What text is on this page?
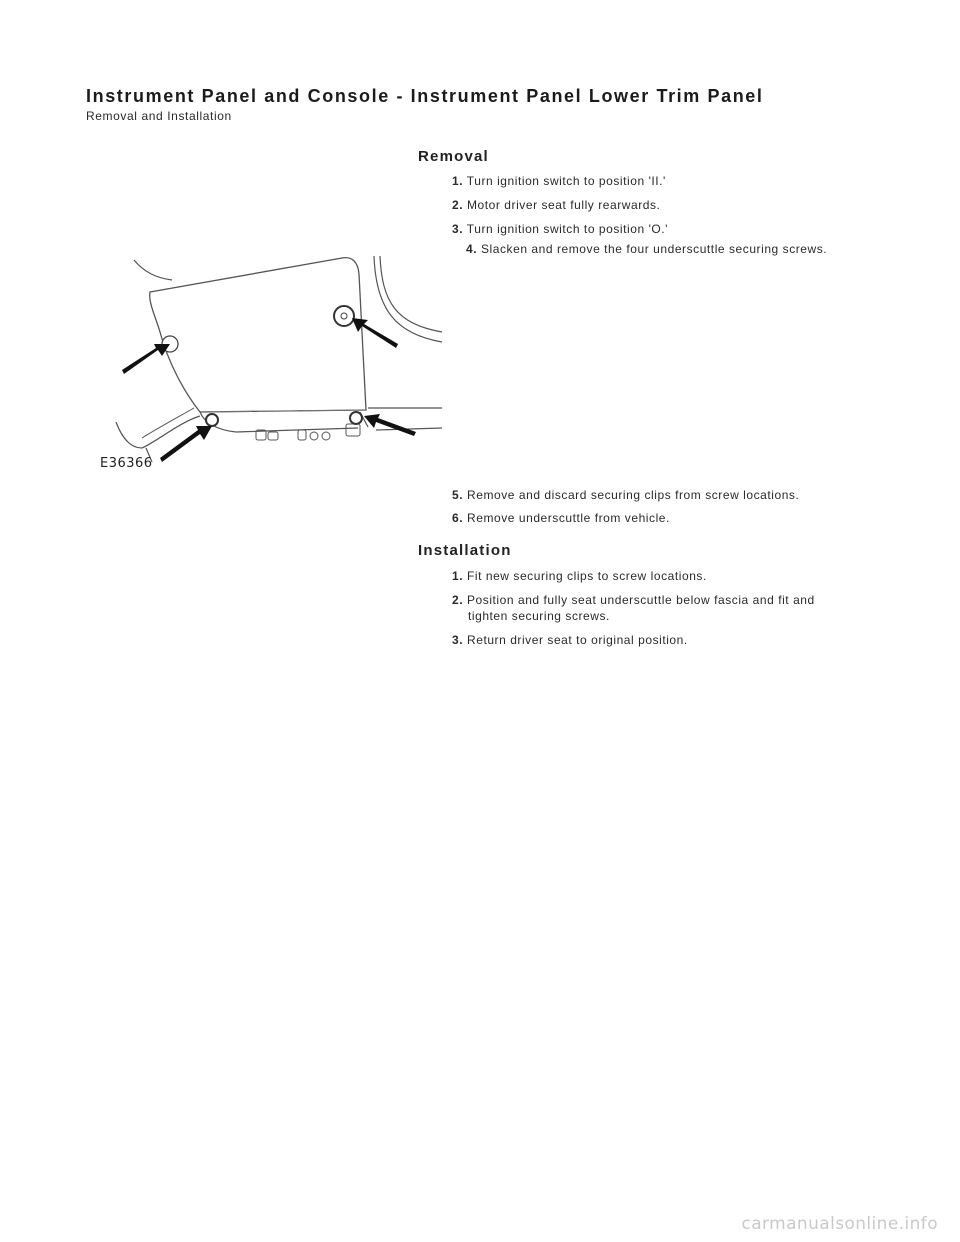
Instrument Panel and Console - Instrument Panel Lower Trim Panel
Removal and Installation
Removal
1. Turn ignition switch to position 'II.'
2. Motor driver seat fully rearwards.
3. Turn ignition switch to position 'O.'
4. Slacken and remove the four underscuttle securing screws.
E36366
5. Remove and discard securing clips from screw locations.
6. Remove underscuttle from vehicle.
Installation
1. Fit new securing clips to screw locations.
2. Position and fully seat underscuttle below fascia and fit and
tighten securing screws.
3. Return driver seat to original position.
carmanualsonline.info
